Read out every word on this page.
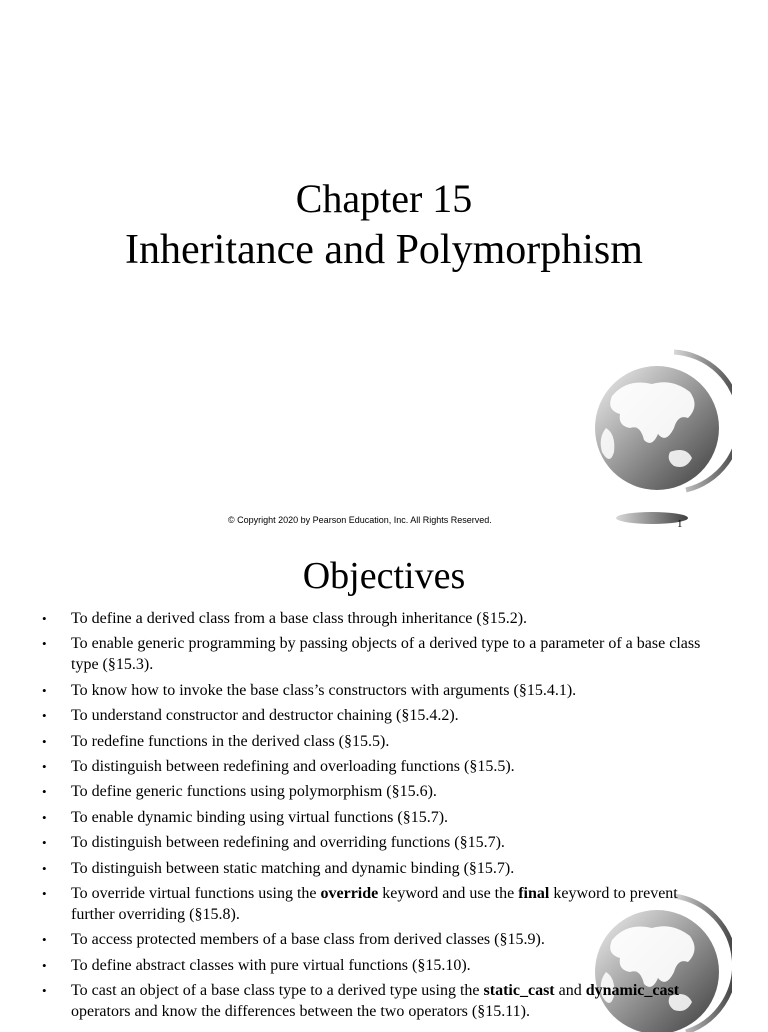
Chapter 15
Inheritance and Polymorphism
© Copyright 2020 by Pearson Education, Inc. All Rights Reserved.	1
Objectives
• To define a derived class from a base class through inheritance (§15.2).
• To enable generic programming by passing objects of a derived type to a parameter of a base class type (§15.3).
• To know how to invoke the base class’s constructors with arguments (§15.4.1).
• To understand constructor and destructor chaining (§15.4.2).
• To redefine functions in the derived class (§15.5).
• To distinguish between redefining and overloading functions (§15.5).
• To define generic functions using polymorphism (§15.6).
• To enable dynamic binding using virtual functions (§15.7).
• To distinguish between redefining and overriding functions (§15.7).
• To distinguish between static matching and dynamic binding (§15.7).
• To override virtual functions using the override keyword and use the final keyword to prevent further overriding (§15.8).
• To access protected members of a base class from derived classes (§15.9).
• To define abstract classes with pure virtual functions (§15.10).
• To cast an object of a base class type to a derived type using the static_cast and dynamic_cast operators and know the differences between the two operators (§15.11).
